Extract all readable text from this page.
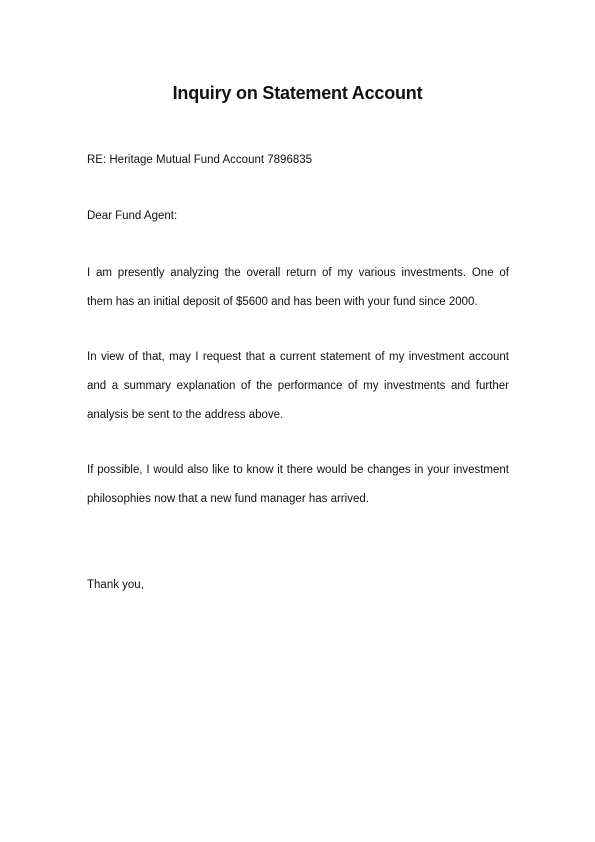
Inquiry on Statement Account
RE: Heritage Mutual Fund Account 7896835
Dear Fund Agent:
I am presently analyzing the overall return of my various investments. One of
them has an initial deposit of $5600 and has been with your fund since 2000.
In view of that, may I request that a current statement of my investment account
and a summary explanation of the performance of my investments and further
analysis be sent to the address above.
If possible, I would also like to know it there would be changes in your investment
philosophies now that a new fund manager has arrived.
Thank you,
